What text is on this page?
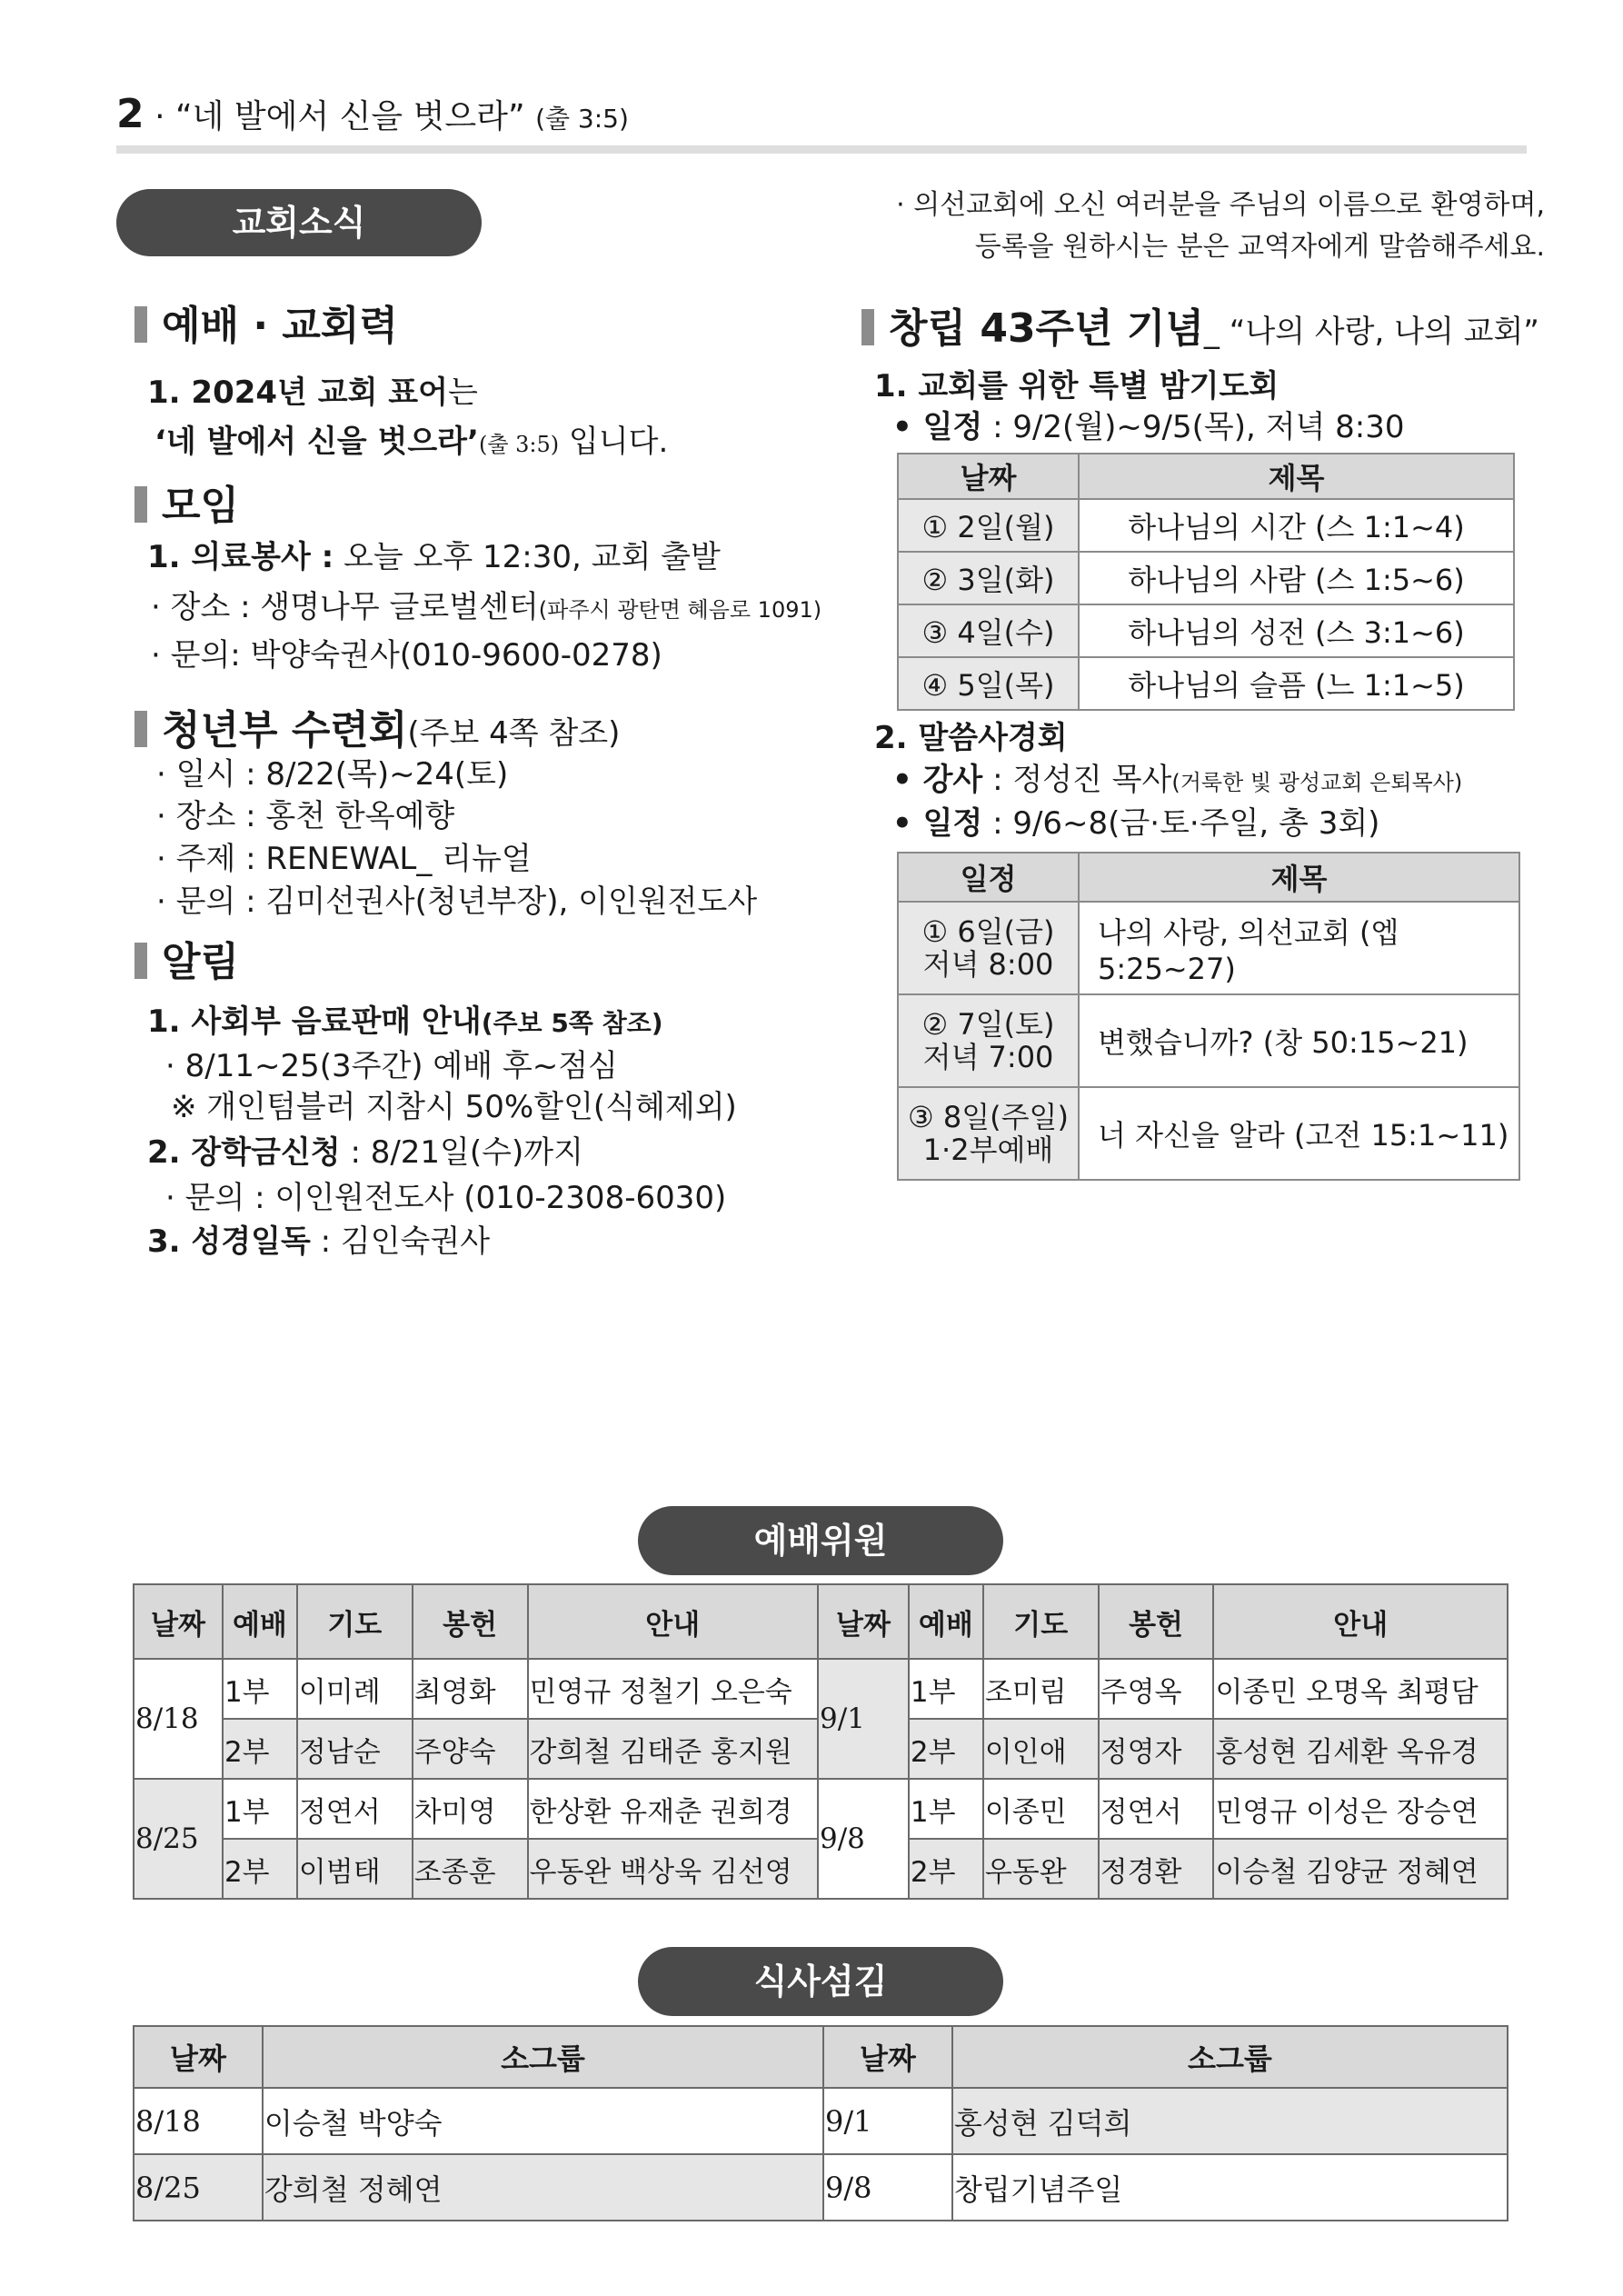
2 · “네 발에서 신을 벗으라” (출 3:5)
교회소식	· 의선교회에 오신 여러분을 주님의 이름으로 환영하며,
등록을 원하시는 분은 교역자에게 말씀해주세요.
예배 · 교회력
1. 2024년 교회 표어는
‘네 발에서 신을 벗으라’(출 3:5) 입니다.
모임
1. 의료봉사 : 오늘 오후 12:30, 교회 출발
· 장소 : 생명나무 글로벌센터(파주시 광탄면 혜음로 1091)
· 문의: 박양숙권사(010-9600-0278)
청년부 수련회(주보 4쪽 참조)
· 일시 : 8/22(목)~24(토)
· 장소 : 홍천 한옥예향
· 주제 : RENEWAL_ 리뉴얼
· 문의 : 김미선권사(청년부장), 이인원전도사
알림
1. 사회부 음료판매 안내(주보 5쪽 참조)
· 8/11~25(3주간) 예배 후~점심
※ 개인텀블러 지참시 50%할인(식혜제외)
2. 장학금신청 : 8/21일(수)까지
· 문의 : 이인원전도사 (010-2308-6030)
3. 성경일독 : 김인숙권사
창립 43주년 기념_ “나의 사랑, 나의 교회”
1. 교회를 위한 특별 밤기도회
• 일정 : 9/2(월)~9/5(목), 저녁 8:30
날짜	제목
① 2일(월)	하나님의 시간 (스 1:1~4)
② 3일(화)	하나님의 사람 (스 1:5~6)
③ 4일(수)	하나님의 성전 (스 3:1~6)
④ 5일(목)	하나님의 슬픔 (느 1:1~5)
2. 말씀사경회
• 강사 : 정성진 목사(거룩한 빛 광성교회 은퇴목사)
• 일정 : 9/6~8(금·토·주일, 총 3회)
일정	제목

① 6일(금)
저녁 8:00	나의 사랑, 의선교회 (엡 5:25~27)

② 7일(토)
저녁 7:00	변했습니까? (창 50:15~21)

③ 8일(주일)
1·2부예배	너 자신을 알라 (고전 15:1~11)
예배위원
날짜	예배	기도	봉헌	안내	날짜	예배	기도	봉헌	안내
8/18	1부	이미례	최영화	민영규 정철기 오은숙	9/1	1부	조미림	주영옥	이종민 오명옥 최평담
	2부	정남순	주양숙	강희철 김태준 홍지원		2부	이인애	정영자	홍성현 김세환 옥유경
8/25	1부	정연서	차미영	한상환 유재춘 권희경	9/8	1부	이종민	정연서	민영규 이성은 장승연
	2부	이범태	조종훈	우동완 백상욱 김선영		2부	우동완	정경환	이승철 김양균 정혜연
식사섬김
날짜	소그룹	날짜	소그룹
8/18	이승철 박양숙	9/1	홍성현 김덕희
8/25	강희철 정혜연	9/8	창립기념주일
